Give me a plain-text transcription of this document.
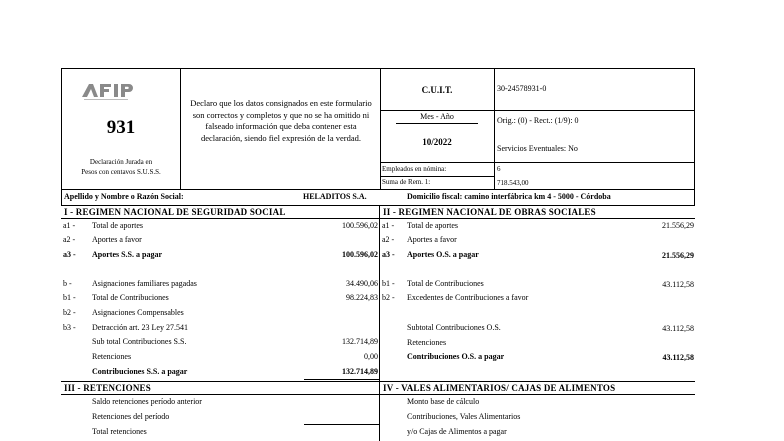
AFIP
931
Declaración Jurada en
Pesos con centavos S.U.S.S.
Declaro que los datos consignados en este formulario son correctos y completos y que no se ha omitido ni falseado información que deba contener esta declaración, siendo fiel expresión de la verdad.
C.U.I.T.	30-24578931-0
Mes - Año
10/2022
Orig.: (0) - Rect.: (1/9): 0
Servicios Eventuales: No
Empleados en nómina:	6
Suma de Rem. 1:	718.543,00
Apellido y Nombre o Razón Social:	HELADITOS S.A.	Domicilio fiscal: camino interfábrica km 4 - 5000 - Córdoba
I - REGIMEN NACIONAL DE SEGURIDAD SOCIAL	II - REGIMEN NACIONAL DE OBRAS SOCIALES
a1 - Total de aportes	100.596,02
a2 - Aportes a favor
a3 - Aportes S.S. a pagar	100.596,02
b -	Asignaciones familiares pagadas	34.490,06
b1 - Total de Contribuciones	98.224,83
b2 - Asignaciones Compensables
b3 - Detracción art. 23 Ley 27.541
Sub total Contribuciones S.S.	132.714,89
Retenciones	0,00
Contribuciones S.S. a pagar	132.714,89
a1 - Total de aportes	21.556,29
a2 - Aportes a favor
a3 - Aportes O.S. a pagar	21.556,29
b1 - Total de Contribuciones	43.112,58
b2 - Excedentes de Contribuciones a favor
Subtotal Contribuciones O.S.	43.112,58
Retenciones
Contribuciones O.S. a pagar	43.112,58
III - RETENCIONES	IV - VALES ALIMENTARIOS/ CAJAS DE ALIMENTOS
Saldo retenciones período anterior
Retenciones del período
Total retenciones
Monto base de cálculo
Contribuciones, Vales Alimentarios
y/o Cajas de Alimentos a pagar
